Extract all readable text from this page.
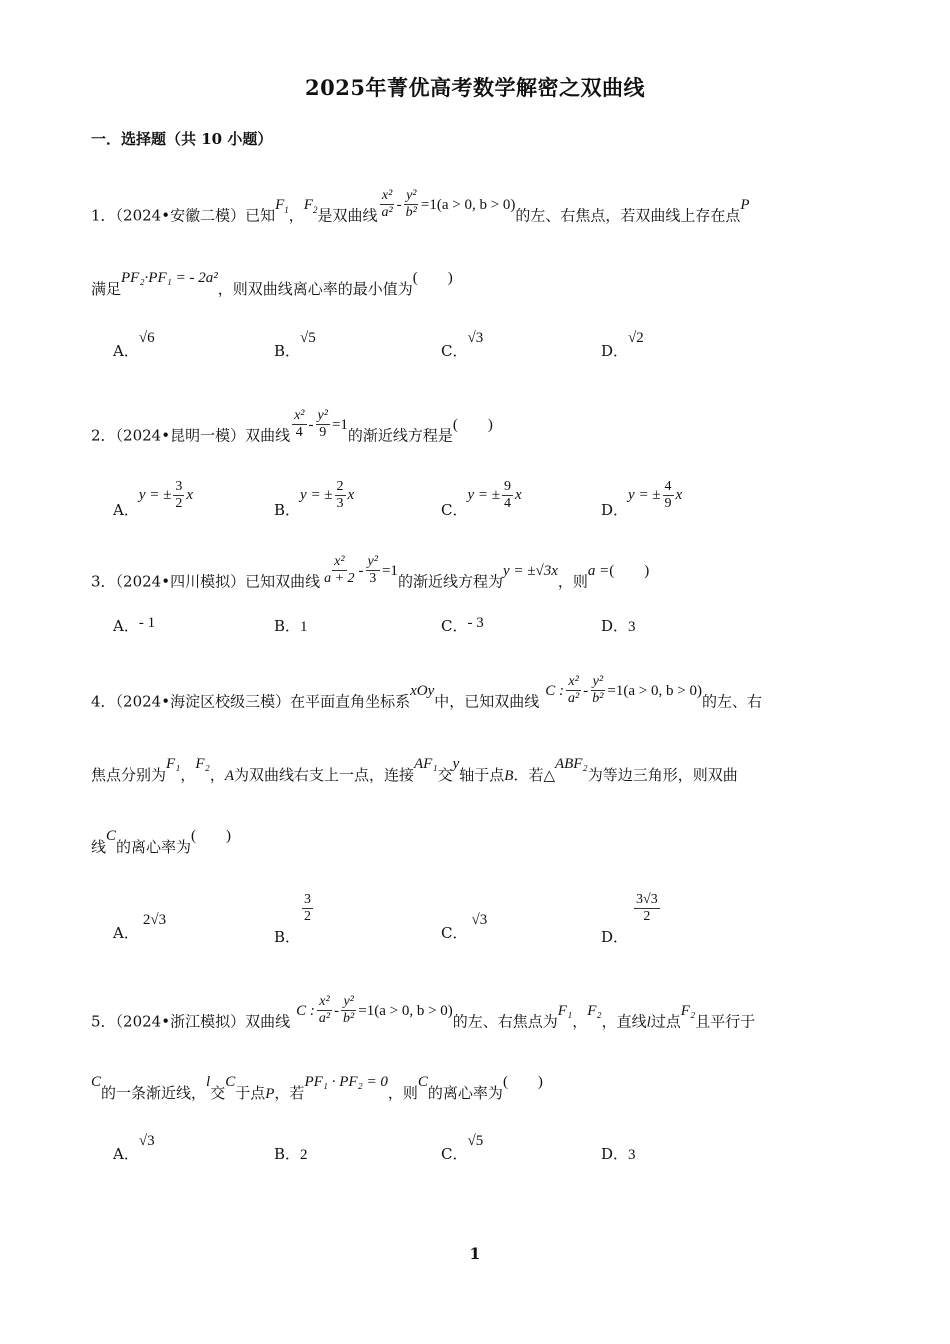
2025年菁优高考数学解密之双曲线
一．选择题（共 10 小题）
1．（2024•安徽二模）已知$F_1$，$F_2$是双曲线 $\frac{\text{x²}}{\text{a²}} - \frac{\text{y²}}{\text{b²}} =1(a > 0$, b > 0)的左、右焦点，若双曲线上存在点P
满足PF₂·PF₁ = - 2a²，则双曲线离心率的最小值为(　　)
A．√6
B．√5
C．√3
D．√2
2．（2024•昆明一模）双曲线 $\frac{\text{x²}}{4} - \frac{\text{y²}}{9} =1$的渐近线方程是(　　)
A．y = ± $\frac{3}{2}$ x
B．y = ± $\frac{2}{3}$ x
C．y = ± $\frac{9}{4}$ x
D．y = ± $\frac{4}{9}$ x
3．（2024•四川模拟）已知双曲线 $\frac{\text{x²}}{a + 2} - \frac{\text{y²}}{3} =1$的渐近线方程为y = ±√3x，则a =(　　)
A．- 1	B．1	C．- 3	D．3
4．（2024•海淀区校级三模）在平面直角坐标系xOy中，已知双曲线C : $\frac{\text{x²}}{\text{a²}} - \frac{\text{y²}}{\text{b²}} =1(a > 0$, b > 0)的左、右
焦点分别为F₁，F₂，A为双曲线右支上一点，连接AF₁交y轴于点B．若△ABF₂为等边三角形，则双曲
线C的离心率为(　　)
A．2√3
B．
$\frac{3}{2}$
C．√3
D．
$\frac{3√3}{2}$
5．（2024•浙江模拟）双曲线C : $\frac{\text{x²}}{\text{a²}} - \frac{\text{y²}}{\text{b²}} =1(a > 0$, b > 0)的左、右焦点为F₁，F₂，直线l过点F₂且平行于
C的一条渐近线，l交C于点P，若PF₁ · PF₂ = 0，则C的离心率为(　　)
A．√3
B．2	C．√5
D．3
1
